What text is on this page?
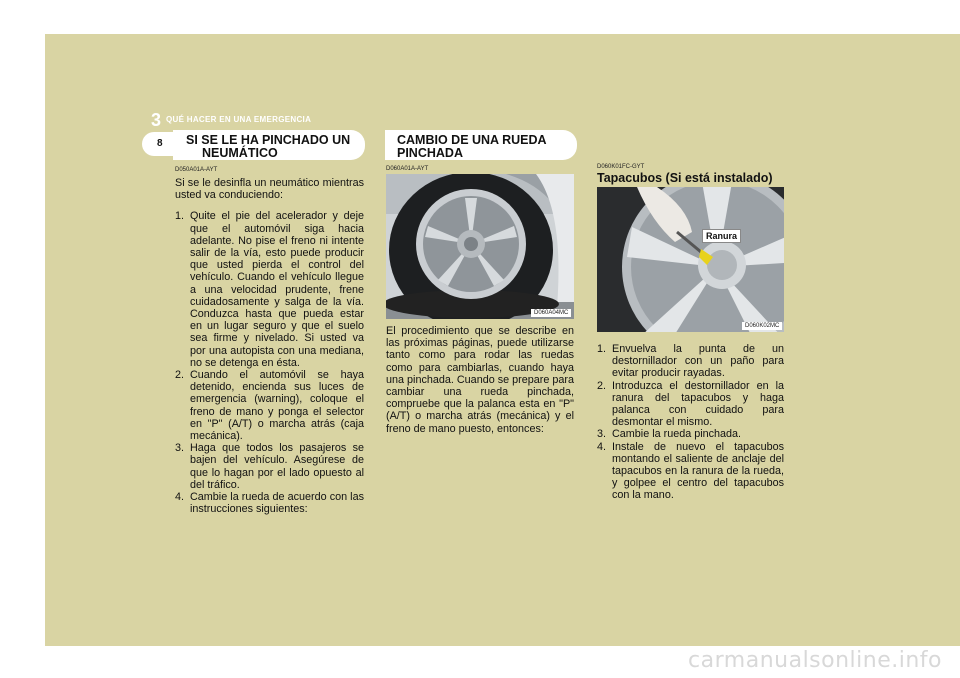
3 QUÉ HACER EN UNA EMERGENCIA
8 SI SE LE HA PINCHADO UN
NEUMÁTICO
D050A01A-AYT

Si se le desinfla un neumático mientras usted va conduciendo:

1. Quite el pie del acelerador y deje que el automóvil siga hacia adelante. No pise el freno ni intente salir de la vía, esto puede producir que usted pierda el control del vehículo. Cuando el vehículo llegue a una velocidad prudente, frene cuidadosamente y salga de la vía. Conduzca hasta que pueda estar en un lugar seguro y que el suelo sea firme y nivelado. Si usted va por una autopista con una mediana, no se detenga en ésta.
2. Cuando el automóvil se haya detenido, encienda sus luces de emergencia (warning), coloque el freno de mano y ponga el selector en "P" (A/T) o marcha atrás (caja mecánica).
3. Haga que todos los pasajeros se bajen del vehículo. Asegúrese de que lo hagan por el lado opuesto al del tráfico.
4. Cambie la rueda de acuerdo con las instrucciones siguientes:
CAMBIO DE UNA RUEDA
PINCHADA
D060A01A-AYT
D060A04MC
El procedimiento que se describe en las próximas páginas, puede utilizarse tanto como para rodar las ruedas como para cambiarlas, cuando haya una pinchada. Cuando se prepare para cambiar una rueda pinchada, compruebe que la palanca esta en "P" (A/T) o marcha atrás (mecánica) y el freno de mano puesto, entonces:
D060K01FC-GYT
Tapacubos (Si está instalado)
Ranura
D060K02MC
1. Envuelva la punta de un destornillador con un paño para evitar producir rayadas.
2. Introduzca el destornillador en la ranura del tapacubos y haga palanca con cuidado para desmontar el mismo.
3. Cambie la rueda pinchada.
4. Instale de nuevo el tapacubos montando el saliente de anclaje del tapacubos en la ranura de la rueda, y golpee el centro del tapacubos con la mano.
carmanualsonline.info
